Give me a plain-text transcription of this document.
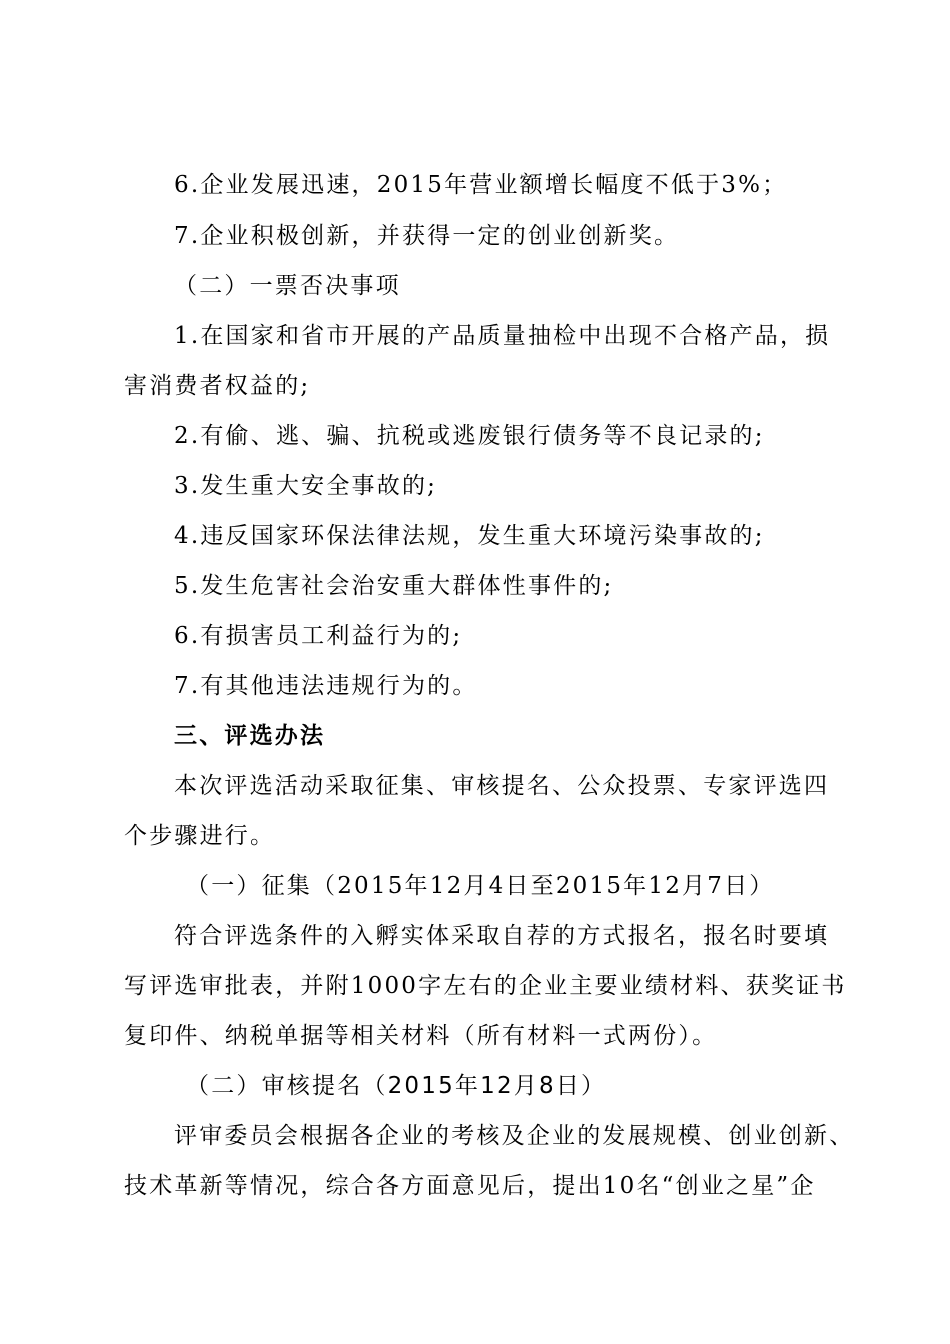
6.企业发展迅速，2015年营业额增长幅度不低于3%；
7.企业积极创新，并获得一定的创业创新奖。
（二）一票否决事项
1.在国家和省市开展的产品质量抽检中出现不合格产品，损
害消费者权益的;
2.有偷、逃、骗、抗税或逃废银行债务等不良记录的;
3.发生重大安全事故的;
4.违反国家环保法律法规，发生重大环境污染事故的;
5.发生危害社会治安重大群体性事件的;
6.有损害员工利益行为的;
7.有其他违法违规行为的。
三、评选办法
本次评选活动采取征集、审核提名、公众投票、专家评选四
个步骤进行。
（一）征集（2015年12月4日至2015年12月7日）
符合评选条件的入孵实体采取自荐的方式报名，报名时要填
写评选审批表，并附1000字左右的企业主要业绩材料、获奖证书
复印件、纳税单据等相关材料（所有材料一式两份）。
（二）审核提名（2015年12月8日）
评审委员会根据各企业的考核及企业的发展规模、创业创新、
技术革新等情况，综合各方面意见后，提出10名“创业之星”企
